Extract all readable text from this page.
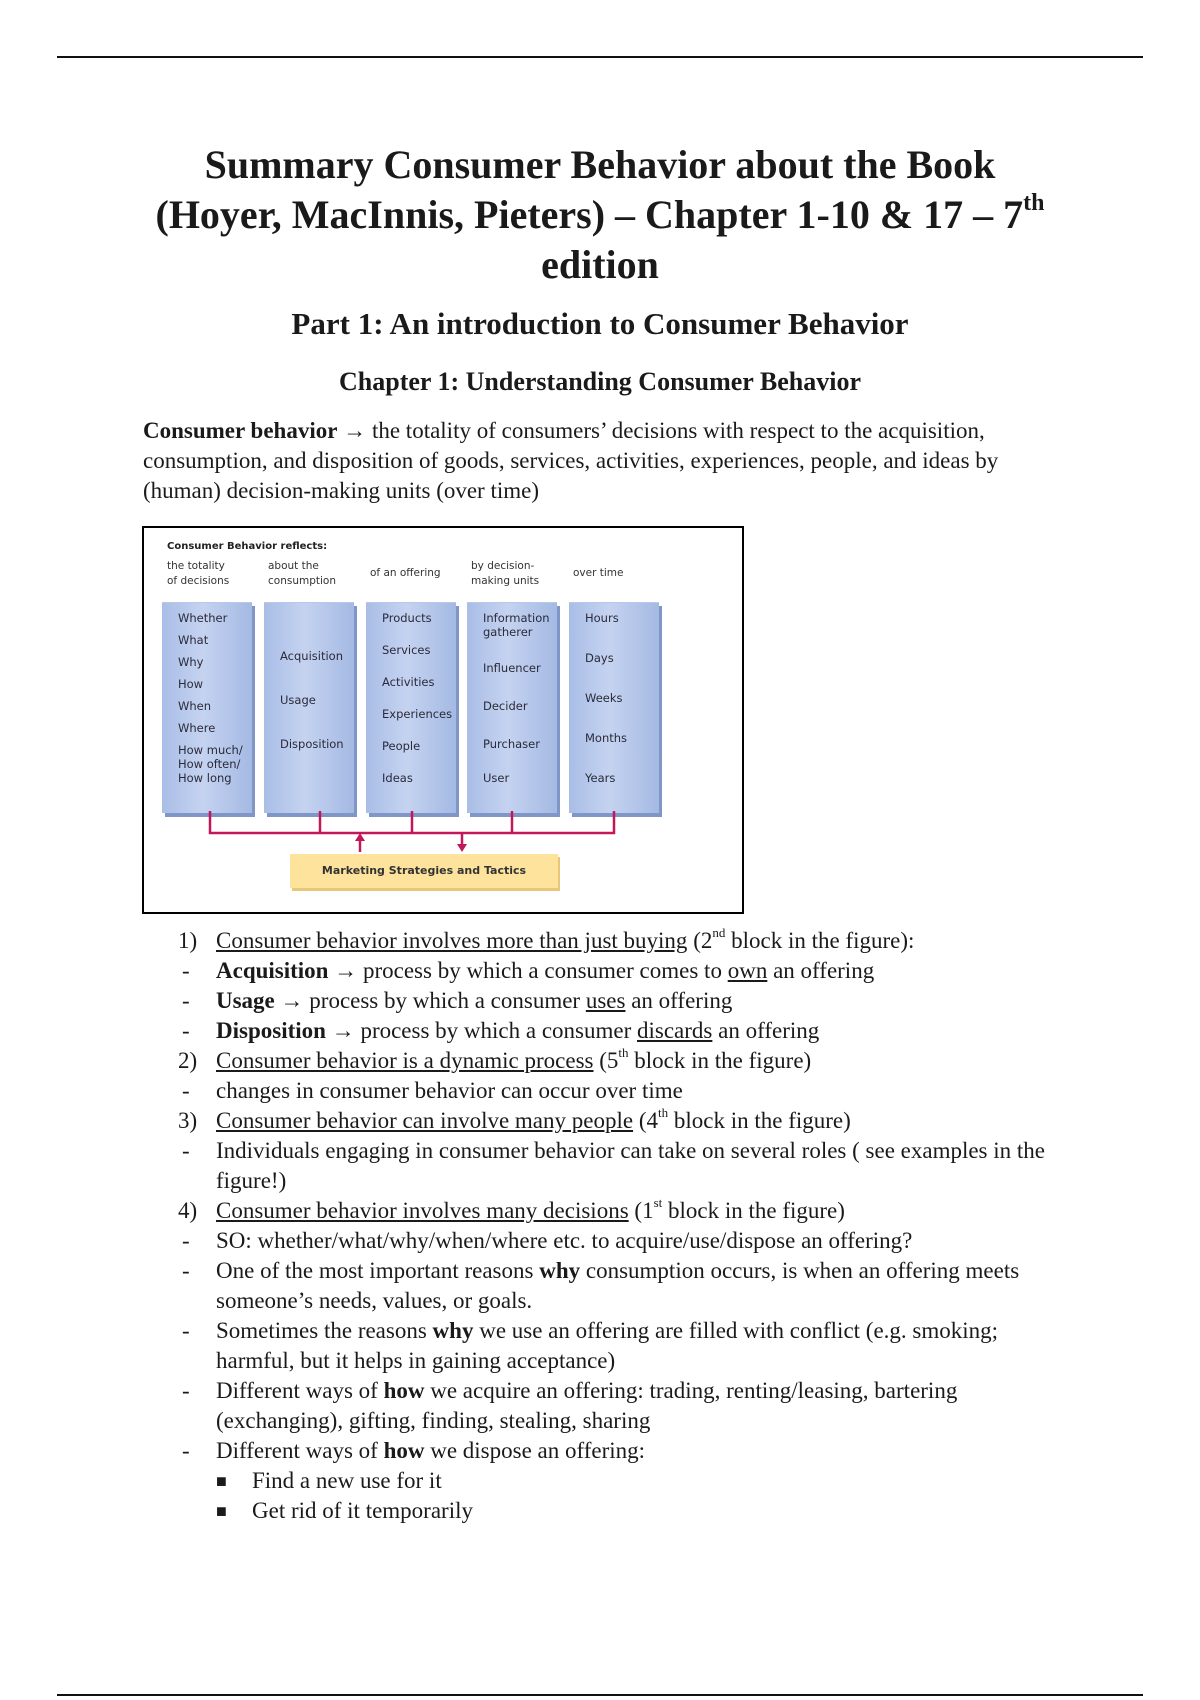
Summary Consumer Behavior about the Book
(Hoyer, MacInnis, Pieters) – Chapter 1-10 & 17 – 7th
edition
Part 1: An introduction to Consumer Behavior
Chapter 1: Understanding Consumer Behavior
Consumer behavior → the totality of consumers’ decisions with respect to the acquisition, consumption, and disposition of goods, services, activities, experiences, people, and ideas by (human) decision-making units (over time)
Consumer Behavior reflects:
the totality
of decisions
Whether
What
Why
How
When
Where
How much/
How often/
How long
about the
consumption
Acquisition
Usage
Disposition
of an offering
Products
Services
Activities
Experiences
People
Ideas
by decision-
making units
Information
gatherer
Influencer
Decider
Purchaser
User
over time
Hours
Days
Weeks
Months
Years
Marketing Strategies and Tactics
1) Consumer behavior involves more than just buying (2nd block in the figure):
-	Acquisition → process by which a consumer comes to own an offering
-	Usage → process by which a consumer uses an offering
-	Disposition → process by which a consumer discards an offering
2) Consumer behavior is a dynamic process (5th block in the figure)
-	changes in consumer behavior can occur over time
3) Consumer behavior can involve many people (4th block in the figure)
-	Individuals engaging in consumer behavior can take on several roles ( see examples in the figure!)
4) Consumer behavior involves many decisions (1st block in the figure)
-	SO: whether/what/why/when/where etc. to acquire/use/dispose an offering?
-	One of the most important reasons why consumption occurs, is when an offering meets someone’s needs, values, or goals.
-	Sometimes the reasons why we use an offering are filled with conflict (e.g. smoking; harmful, but it helps in gaining acceptance)
-	Different ways of how we acquire an offering: trading, renting/leasing, bartering (exchanging), gifting, finding, stealing, sharing
-	Different ways of how we dispose an offering:
■	Find a new use for it
■	Get rid of it temporarily
